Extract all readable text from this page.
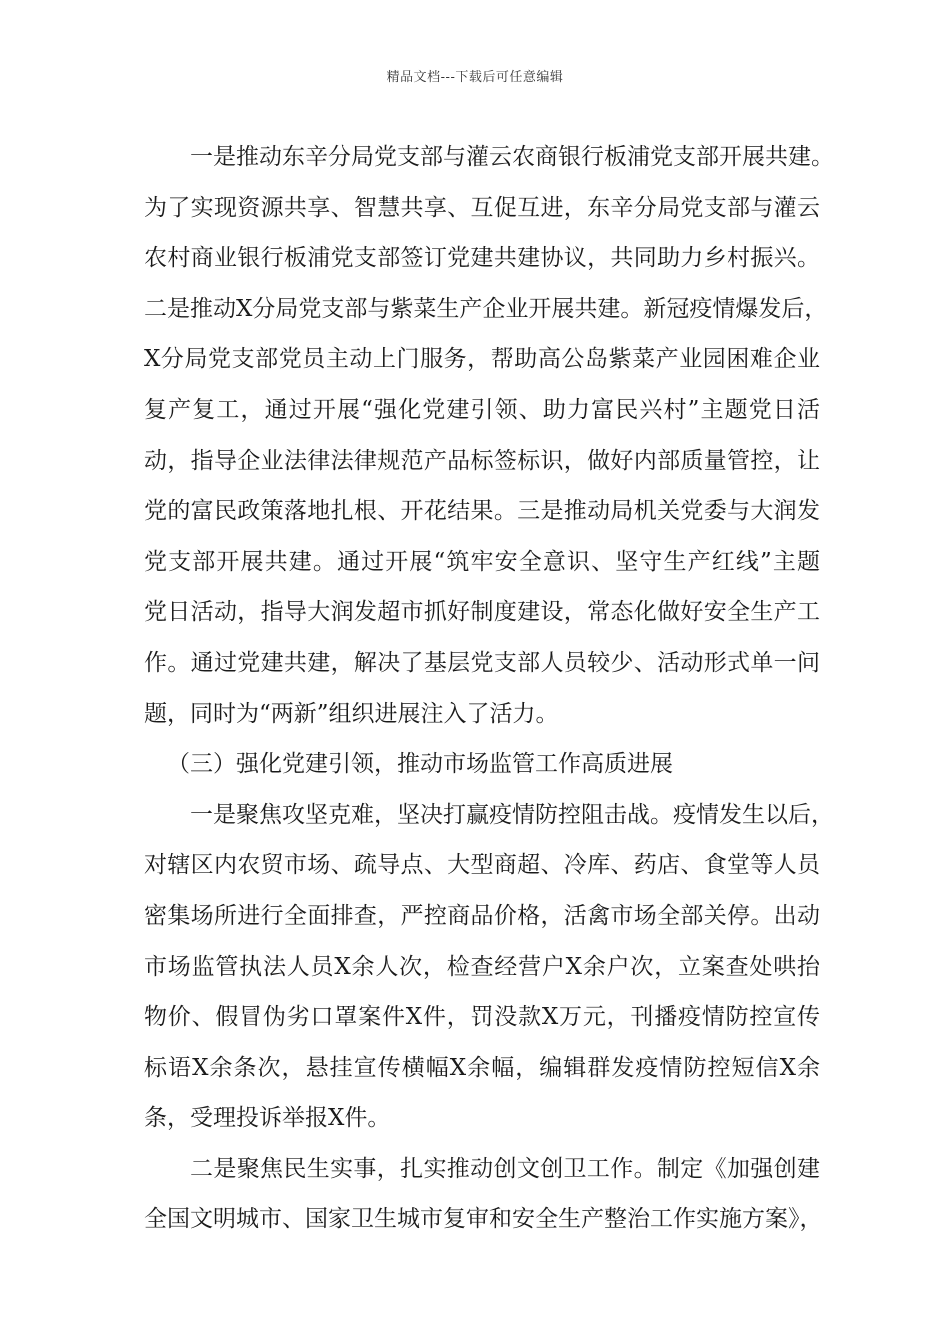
精品文档---下载后可任意编辑
一是推动东辛分局党支部与灌云农商银行板浦党支部开展共建。
为了实现资源共享、智慧共享、互促互进，东辛分局党支部与灌云
农村商业银行板浦党支部签订党建共建协议，共同助力乡村振兴。
二是推动X分局党支部与紫菜生产企业开展共建。新冠疫情爆发后，
X分局党支部党员主动上门服务，帮助高公岛紫菜产业园困难企业
复产复工，通过开展“强化党建引领、助力富民兴村”主题党日活
动，指导企业法律法律规范产品标签标识，做好内部质量管控，让
党的富民政策落地扎根、开花结果。三是推动局机关党委与大润发
党支部开展共建。通过开展“筑牢安全意识、坚守生产红线”主题
党日活动，指导大润发超市抓好制度建设，常态化做好安全生产工
作。通过党建共建，解决了基层党支部人员较少、活动形式单一问
题，同时为“两新”组织进展注入了活力。
（三）强化党建引领，推动市场监管工作高质进展
一是聚焦攻坚克难，坚决打赢疫情防控阻击战。疫情发生以后，
对辖区内农贸市场、疏导点、大型商超、冷库、药店、食堂等人员
密集场所进行全面排查，严控商品价格，活禽市场全部关停。出动
市场监管执法人员X余人次，检查经营户X余户次，立案查处哄抬
物价、假冒伪劣口罩案件X件，罚没款X万元，刊播疫情防控宣传
标语X余条次，悬挂宣传横幅X余幅，编辑群发疫情防控短信X余
条，受理投诉举报X件。
二是聚焦民生实事，扎实推动创文创卫工作。制定《加强创建
全国文明城市、国家卫生城市复审和安全生产整治工作实施方案》，
